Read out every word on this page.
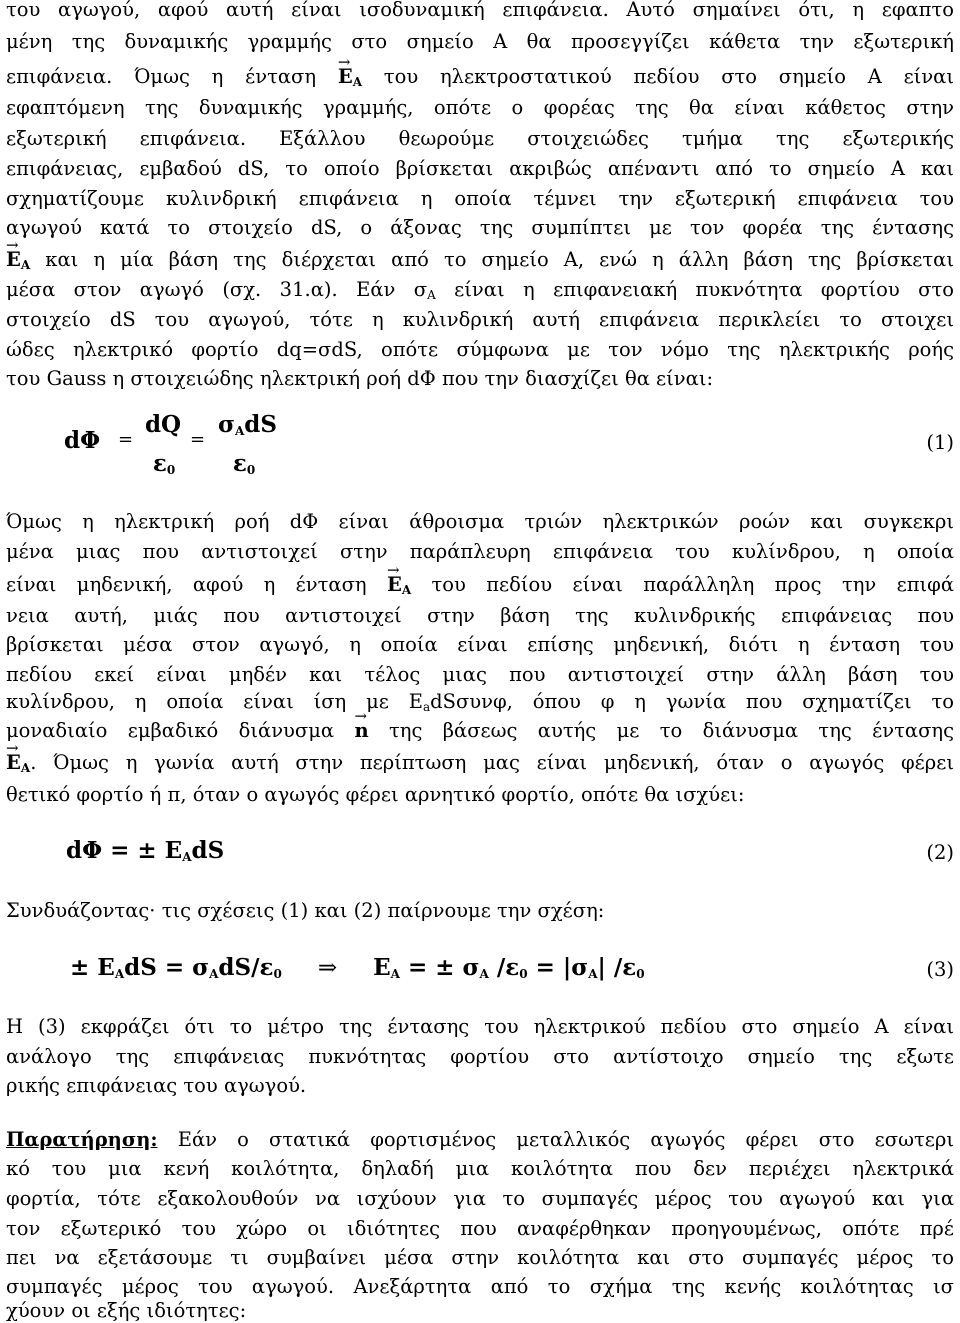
του αγωγού, αφού αυτή είναι ισοδυναμική επιφάνεια. Αυτό σημαίνει ότι, η εφαπτο
μένη της δυναμικής γραμμής στο σημείο Α θα προσεγγίζει κάθετα την εξωτερική
επιφάνεια. Όμως η $έ\nu\tau\alpha\sigma\eta \to E_A$ του ηλεκτροστατικού πεδίου στο σημείο Α είναι
εφαπτόμενη της δυναμικής γραμμής, οπότε ο φορέας της θα είναι κάθετος στην
εξωτερική επιφάνεια. Εξάλλου θεωρούμε στοιχειώδες τμήμα της εξωτερικής
επιφάνειας, εμβαδού dS, το οποίο βρίσκεται ακριβώς απέναντι από το σημείο Α και
σχηματίζουμε κυλινδρική επιφάνεια η οποία τέμνει την εξωτερική επιφάνεια του
αγωγού κατά το στοιχείο dS, ο άξονας της συμπίπτει με τον φορέα της έντασης
→ $E_A$ και η μία βάση της διέρχεται από το σημείο Α, ενώ η άλλη βάση της βρίσκεται
μέσα στον αγωγό (σχ. 31.α). Εάν $\sigma_A$ είναι η επιφανειακή πυκνότητα φορτίου στο
στοιχείο dS του αγωγού, τότε η κυλινδρική αυτή επιφάνεια περικλείει το στοιχει
ώδες ηλεκτρικό φορτίο dq=σdS, οπότε σύμφωνα με τον νόμο της ηλεκτρικής ροής
του Gauss η στοιχειώδης ηλεκτρική ροή dΦ που την διασχίζει θα είναι:
dΦ =
dQ
$\varepsilon_0$
=
$\sigma_AdS$
$\varepsilon_0$
(1)
Όμως η ηλεκτρική ροή dΦ είναι άθροισμα τριών ηλεκτρικών ροών και συγκεκρι
μένα μιας που αντιστοιχεί στην παράπλευρη επιφάνεια του κυλίνδρου, η οποία
είναι μηδενική, αφού η $έ\nu\tau\alpha\sigma\eta \to E_A$ του πεδίου είναι παράλληλη προς την επιφά
νεια αυτή, μιάς που αντιστοιχεί στην βάση της κυλινδρικής επιφάνειας που
βρίσκεται μέσα στον αγωγό, η οποία είναι επίσης μηδενική, διότι η ένταση του
πεδίου εκεί είναι μηδέν και τέλος μιας που αντιστοιχεί στην άλλη βάση του
κυλίνδρου, η οποία είναι ίση με $E_adS\sigma\upsilon\nu\varphi$, όπου φ η γωνία που σχηματίζει το
μοναδιαίο εμβαδικό διάνυσμα → n της βάσεως αυτής με το διάνυσμα της έντασης
→ $E_A$. Όμως η γωνία αυτή στην περίπτωση μας είναι μηδενική, όταν ο αγωγός φέρει
θετικό φορτίο ή π, όταν ο αγωγός φέρει αρνητικό φορτίο, οπότε θα ισχύει:
dΦ = ± $E_AdS$	(2)
Συνδυάζοντας· τις σχέσεις (1) και (2) παίρνουμε την σχέση:
± $E_AdS = \sigma_AdS/\varepsilon_0$ ⇒ $E_A$ = ± $\sigma_A$ $/\varepsilon_0 = |\sigma_A|$ $/\varepsilon_0$	(3)
Η (3) εκφράζει ότι το μέτρο της έντασης του ηλεκτρικού πεδίου στο σημείο Α είναι
ανάλογο της επιφάνειας πυκνότητας φορτίου στο αντίστοιχο σημείο της εξωτε
ρικής επιφάνειας του αγωγού.
Παρατήρηση: Εάν ο στατικά φορτισμένος μεταλλικός αγωγός φέρει στο εσωτερι
κό του μια κενή κοιλότητα, δηλαδή μια κοιλότητα που δεν περιέχει ηλεκτρικά
φορτία, τότε εξακολουθούν να ισχύουν για το συμπαγές μέρος του αγωγού και για
τον εξωτερικό του χώρο οι ιδιότητες που αναφέρθηκαν προηγουμένως, οπότε πρέ
πει να εξετάσουμε τι συμβαίνει μέσα στην κοιλότητα και στο συμπαγές μέρος το
συμπαγές μέρος του αγωγού. Ανεξάρτητα από το σχήμα της κενής κοιλότητας ισ
χύουν οι εξής ιδιότητες:
